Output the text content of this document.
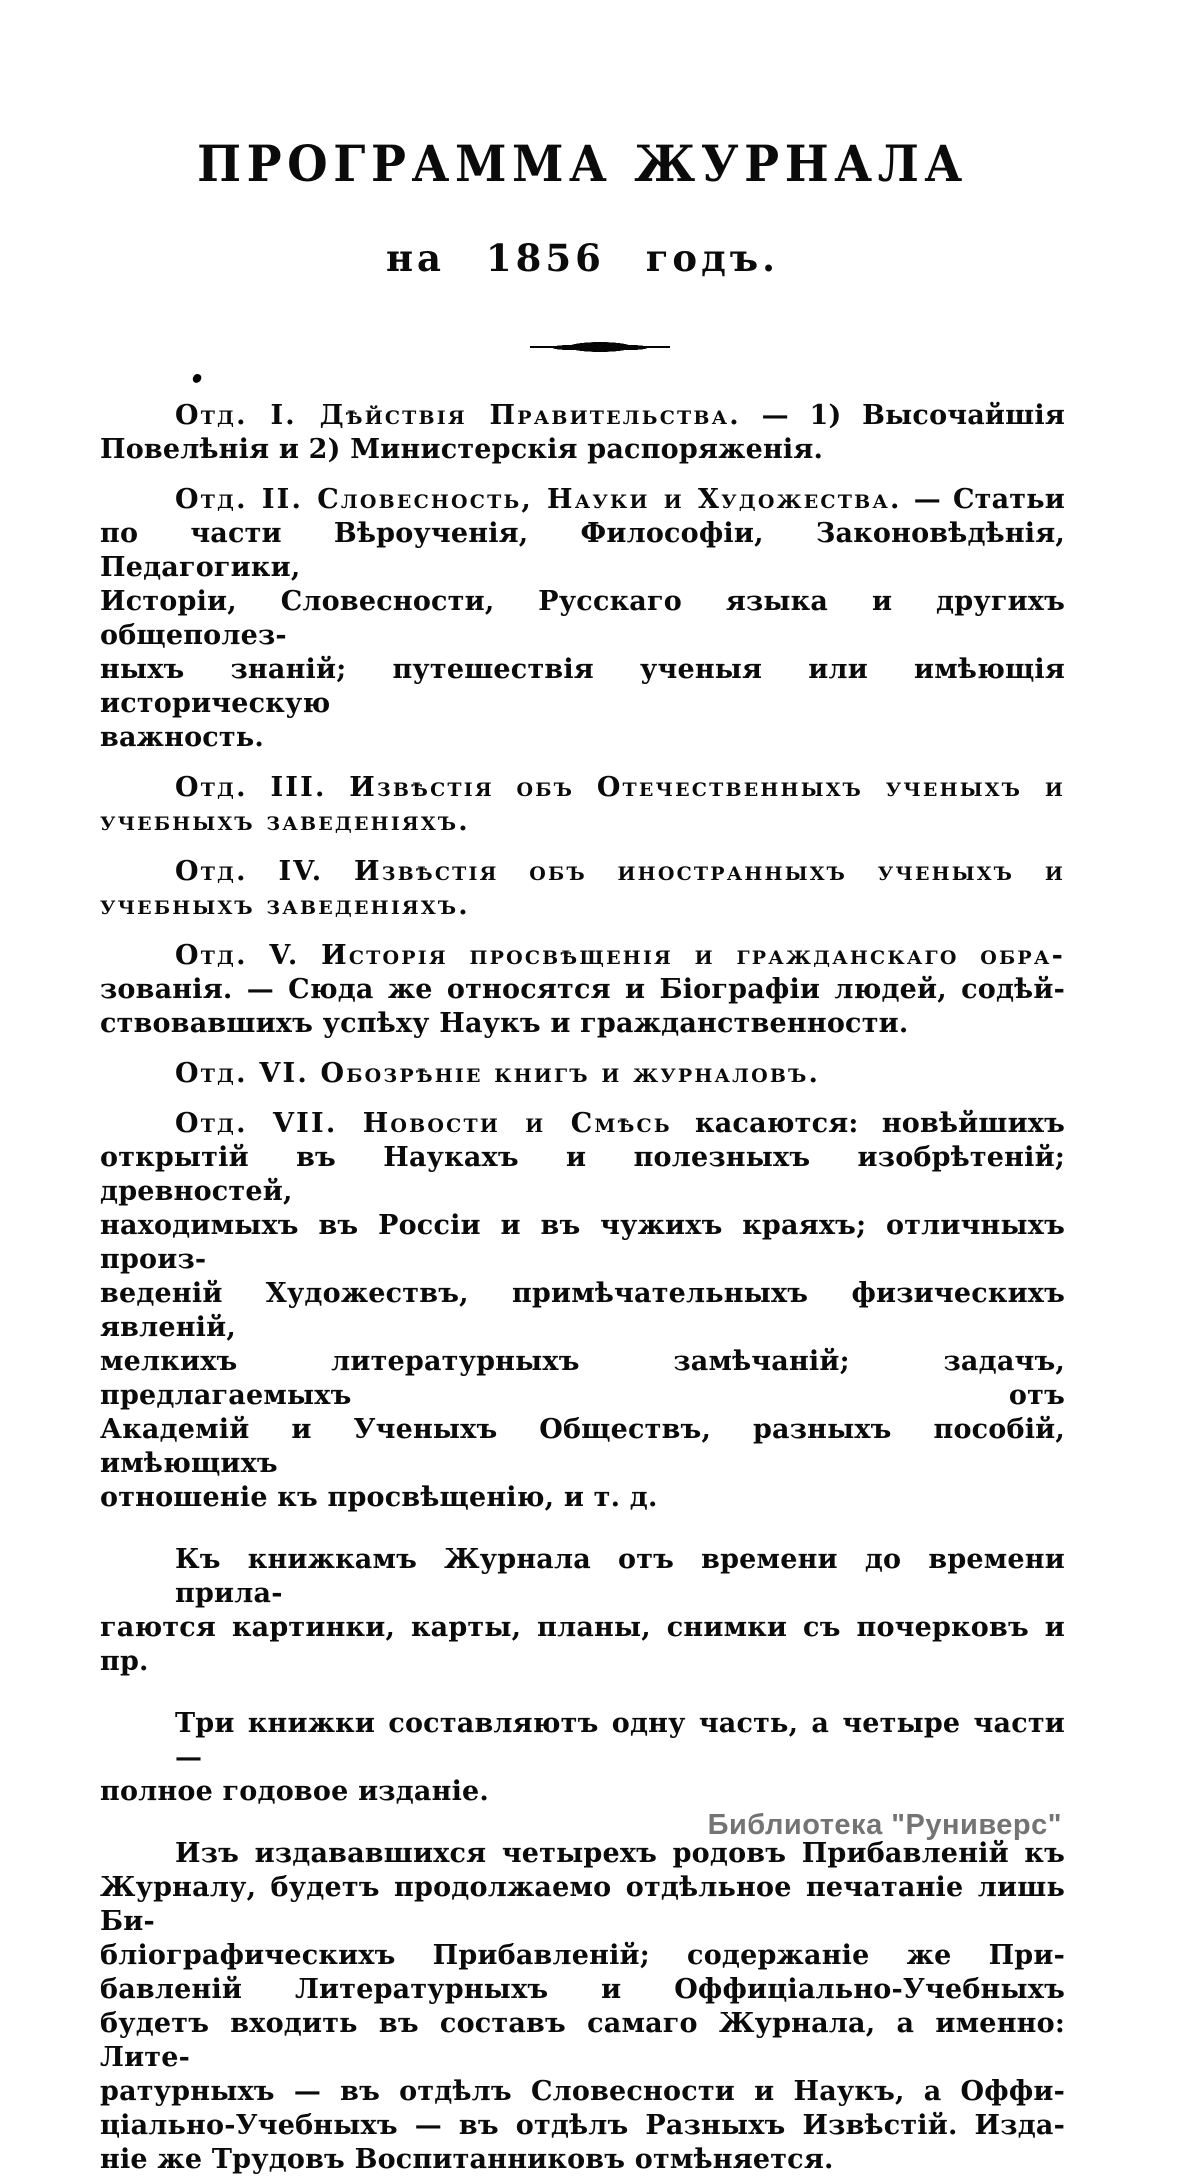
ПРОГРАММА ЖУРНАЛА
на 1856 годъ.
Отд. I. Дѣйствія Правительства. — 1) Высочайшія
Повелѣнія и 2) Министерскія распоряженія.
Отд. II. Словесность, Науки и Художества. — Статьи
по части Вѣроученія, Философіи, Законовѣдѣнія, Педагогики,
Исторіи, Словесности, Русскаго языка и другихъ общеполез-
ныхъ знаній; путешествія ученыя или имѣющія историческую
важность.
Отд. III. Извѣстія объ Отечественныхъ ученыхъ и
учебныхъ заведеніяхъ.
Отд. IV. Извѣстія объ иностранныхъ ученыхъ и
учебныхъ заведеніяхъ.
Отд. V. Исторія просвѣщенія и гражданскаго обра-
зованія. — Сюда же относятся и Біографіи людей, содѣй-
ствовавшихъ успѣху Наукъ и гражданственности.
Отд. VI. Обозрѣніе книгъ и журналовъ.
Отд. VII. Новости и Смѣсь касаются: новѣйшихъ
открытій въ Наукахъ и полезныхъ изобрѣтеній; древностей,
находимыхъ въ Россіи и въ чужихъ краяхъ; отличныхъ произ-
веденій Художествъ, примѣчательныхъ физическихъ явленій,
мелкихъ литературныхъ замѣчаній; задачъ, предлагаемыхъ отъ
Академій и Ученыхъ Обществъ, разныхъ пособій, имѣющихъ
отношеніе къ просвѣщенію, и т. д.
Къ книжкамъ Журнала отъ времени до времени прила-
гаются картинки, карты, планы, снимки съ почерковъ и пр.
Три книжки составляютъ одну часть, а четыре части —
полное годовое изданіе.
Изъ издававшихся четырехъ родовъ Прибавленій къ
Журналу, будетъ продолжаемо отдѣльное печатаніе лишь Би-
бліографическихъ Прибавленій; содержаніе же При-
бавленій Литературныхъ и Оффиціально-Учебныхъ
будетъ входить въ составъ самаго Журнала, а именно: Лите-
ратурныхъ — въ отдѣлъ Словесности и Наукъ, а Оффи-
ціально-Учебныхъ — въ отдѣлъ Разныхъ Извѣстій. Изда-
ніе же Трудовъ Воспитанниковъ отмѣняется.
Библиотека "Руниверс"
